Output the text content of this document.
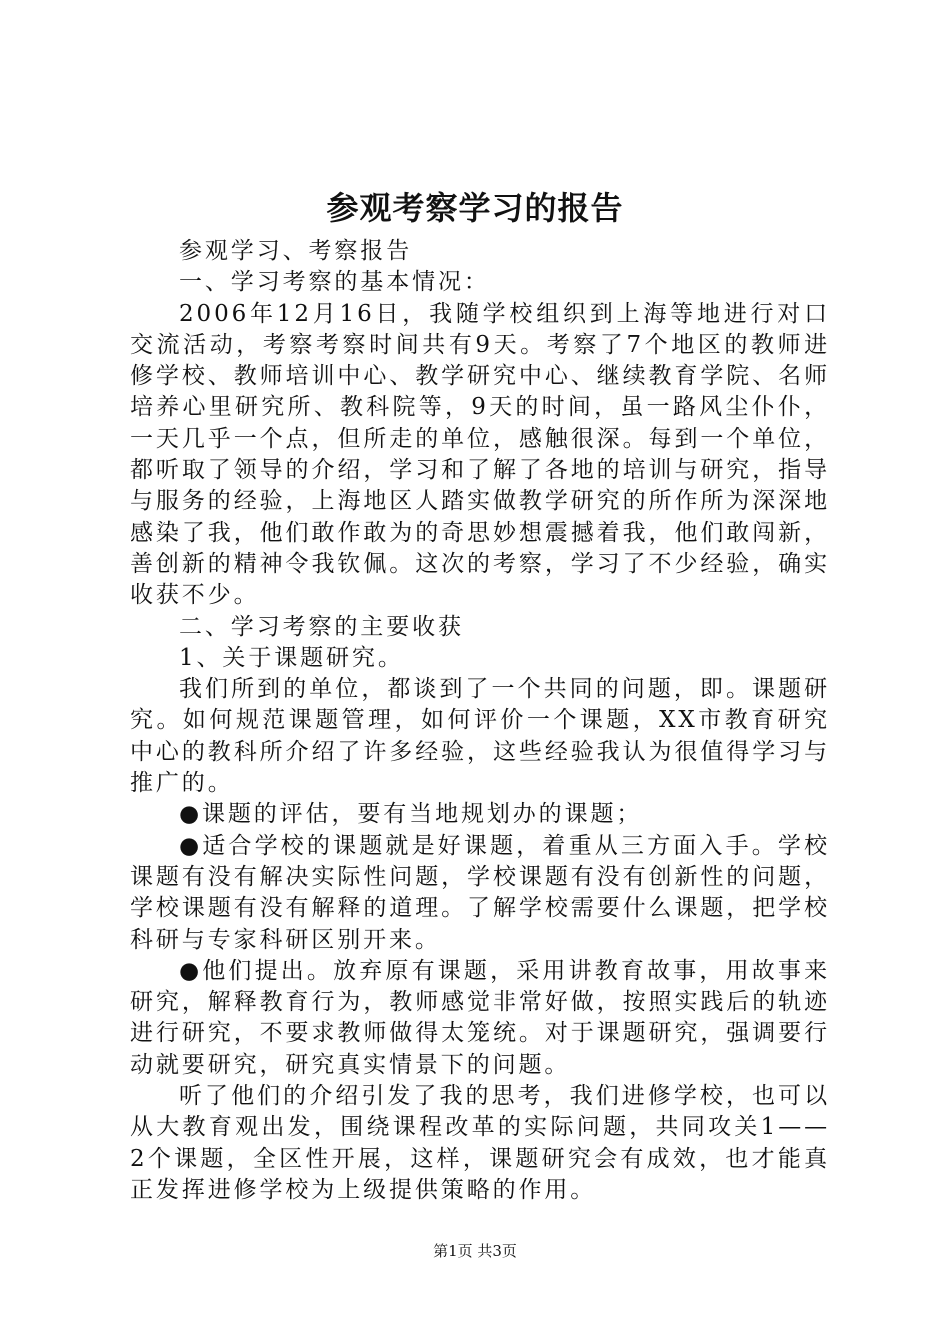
参观考察学习的报告

参观学习、考察报告

一、学习考察的基本情况：

2006年12月16日，我随学校组织到上海等地进行对口交流活动，考察考察时间共有9天。考察了7个地区的教师进修学校、教师培训中心、教学研究中心、继续教育学院、名师培养心里研究所、教科院等，9天的时间，虽一路风尘仆仆，一天几乎一个点，但所走的单位，感触很深。每到一个单位，都听取了领导的介绍，学习和了解了各地的培训与研究，指导与服务的经验，上海地区人踏实做教学研究的所作所为深深地感染了我，他们敢作敢为的奇思妙想震撼着我，他们敢闯新，善创新的精神令我钦佩。这次的考察，学习了不少经验，确实收获不少。

二、学习考察的主要收获

1、关于课题研究。

我们所到的单位，都谈到了一个共同的问题，即。课题研究。如何规范课题管理，如何评价一个课题，XX市教育研究中心的教科所介绍了许多经验，这些经验我认为很值得学习与推广的。

●课题的评估，要有当地规划办的课题；

●适合学校的课题就是好课题，着重从三方面入手。学校课题有没有解决实际性问题，学校课题有没有创新性的问题，学校课题有没有解释的道理。了解学校需要什么课题，把学校科研与专家科研区别开来。

●他们提出。放弃原有课题，采用讲教育故事，用故事来研究，解释教育行为，教师感觉非常好做，按照实践后的轨迹进行研究，不要求教师做得太笼统。对于课题研究，强调要行动就要研究，研究真实情景下的问题。

听了他们的介绍引发了我的思考，我们进修学校，也可以从大教育观出发，围绕课程改革的实际问题，共同攻关1——2个课题，全区性开展，这样，课题研究会有成效，也才能真正发挥进修学校为上级提供策略的作用。

第1页 共3页
